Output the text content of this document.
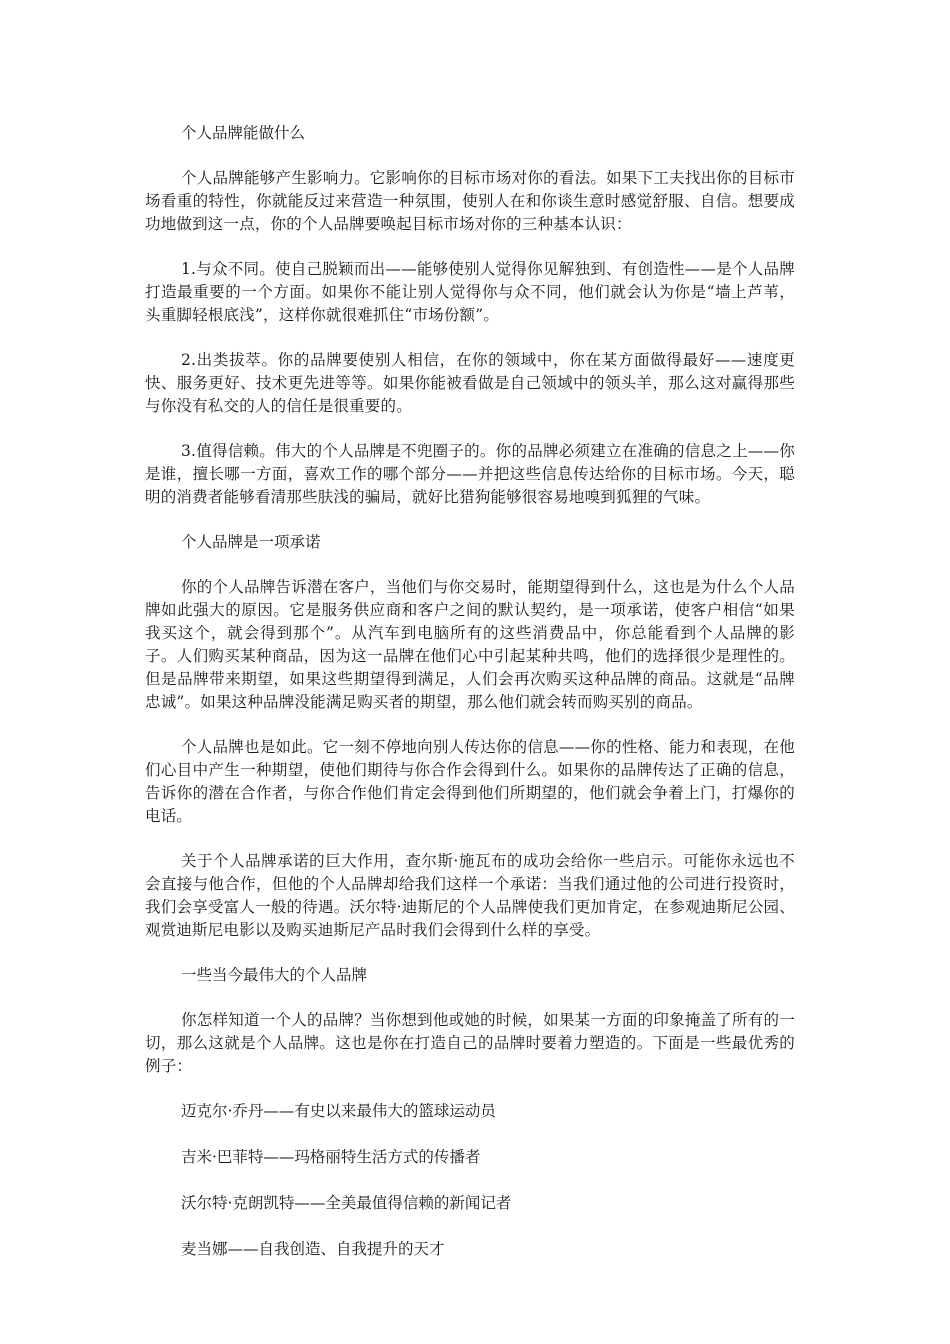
个人品牌能做什么

个人品牌能够产生影响力。它影响你的目标市场对你的看法。如果下工夫找出你的目标市场看重的特性，你就能反过来营造一种氛围，使别人在和你谈生意时感觉舒服、自信。想要成功地做到这一点，你的个人品牌要唤起目标市场对你的三种基本认识：

1.与众不同。使自己脱颖而出——能够使别人觉得你见解独到、有创造性——是个人品牌打造最重要的一个方面。如果你不能让别人觉得你与众不同，他们就会认为你是“墙上芦苇，头重脚轻根底浅”，这样你就很难抓住“市场份额”。

2.出类拔萃。你的品牌要使别人相信，在你的领域中，你在某方面做得最好——速度更快、服务更好、技术更先进等等。如果你能被看做是自己领域中的领头羊，那么这对赢得那些与你没有私交的人的信任是很重要的。

3.值得信赖。伟大的个人品牌是不兜圈子的。你的品牌必须建立在准确的信息之上——你是谁，擅长哪一方面，喜欢工作的哪个部分——并把这些信息传达给你的目标市场。今天，聪明的消费者能够看清那些肤浅的骗局，就好比猎狗能够很容易地嗅到狐狸的气味。

个人品牌是一项承诺

你的个人品牌告诉潜在客户，当他们与你交易时，能期望得到什么，这也是为什么个人品牌如此强大的原因。它是服务供应商和客户之间的默认契约，是一项承诺，使客户相信“如果我买这个，就会得到那个”。从汽车到电脑所有的这些消费品中，你总能看到个人品牌的影子。人们购买某种商品，因为这一品牌在他们心中引起某种共鸣，他们的选择很少是理性的。但是品牌带来期望，如果这些期望得到满足，人们会再次购买这种品牌的商品。这就是“品牌忠诚”。如果这种品牌没能满足购买者的期望，那么他们就会转而购买别的商品。

个人品牌也是如此。它一刻不停地向别人传达你的信息——你的性格、能力和表现，在他们心目中产生一种期望，使他们期待与你合作会得到什么。如果你的品牌传达了正确的信息，告诉你的潜在合作者，与你合作他们肯定会得到他们所期望的，他们就会争着上门，打爆你的电话。

关于个人品牌承诺的巨大作用，查尔斯·施瓦布的成功会给你一些启示。可能你永远也不会直接与他合作，但他的个人品牌却给我们这样一个承诺：当我们通过他的公司进行投资时，我们会享受富人一般的待遇。沃尔特·迪斯尼的个人品牌使我们更加肯定，在参观迪斯尼公园、观赏迪斯尼电影以及购买迪斯尼产品时我们会得到什么样的享受。

一些当今最伟大的个人品牌

你怎样知道一个人的品牌？当你想到他或她的时候，如果某一方面的印象掩盖了所有的一切，那么这就是个人品牌。这也是你在打造自己的品牌时要着力塑造的。下面是一些最优秀的例子：

迈克尔·乔丹——有史以来最伟大的篮球运动员

吉米·巴菲特——玛格丽特生活方式的传播者

沃尔特·克朗凯特——全美最值得信赖的新闻记者

麦当娜——自我创造、自我提升的天才
